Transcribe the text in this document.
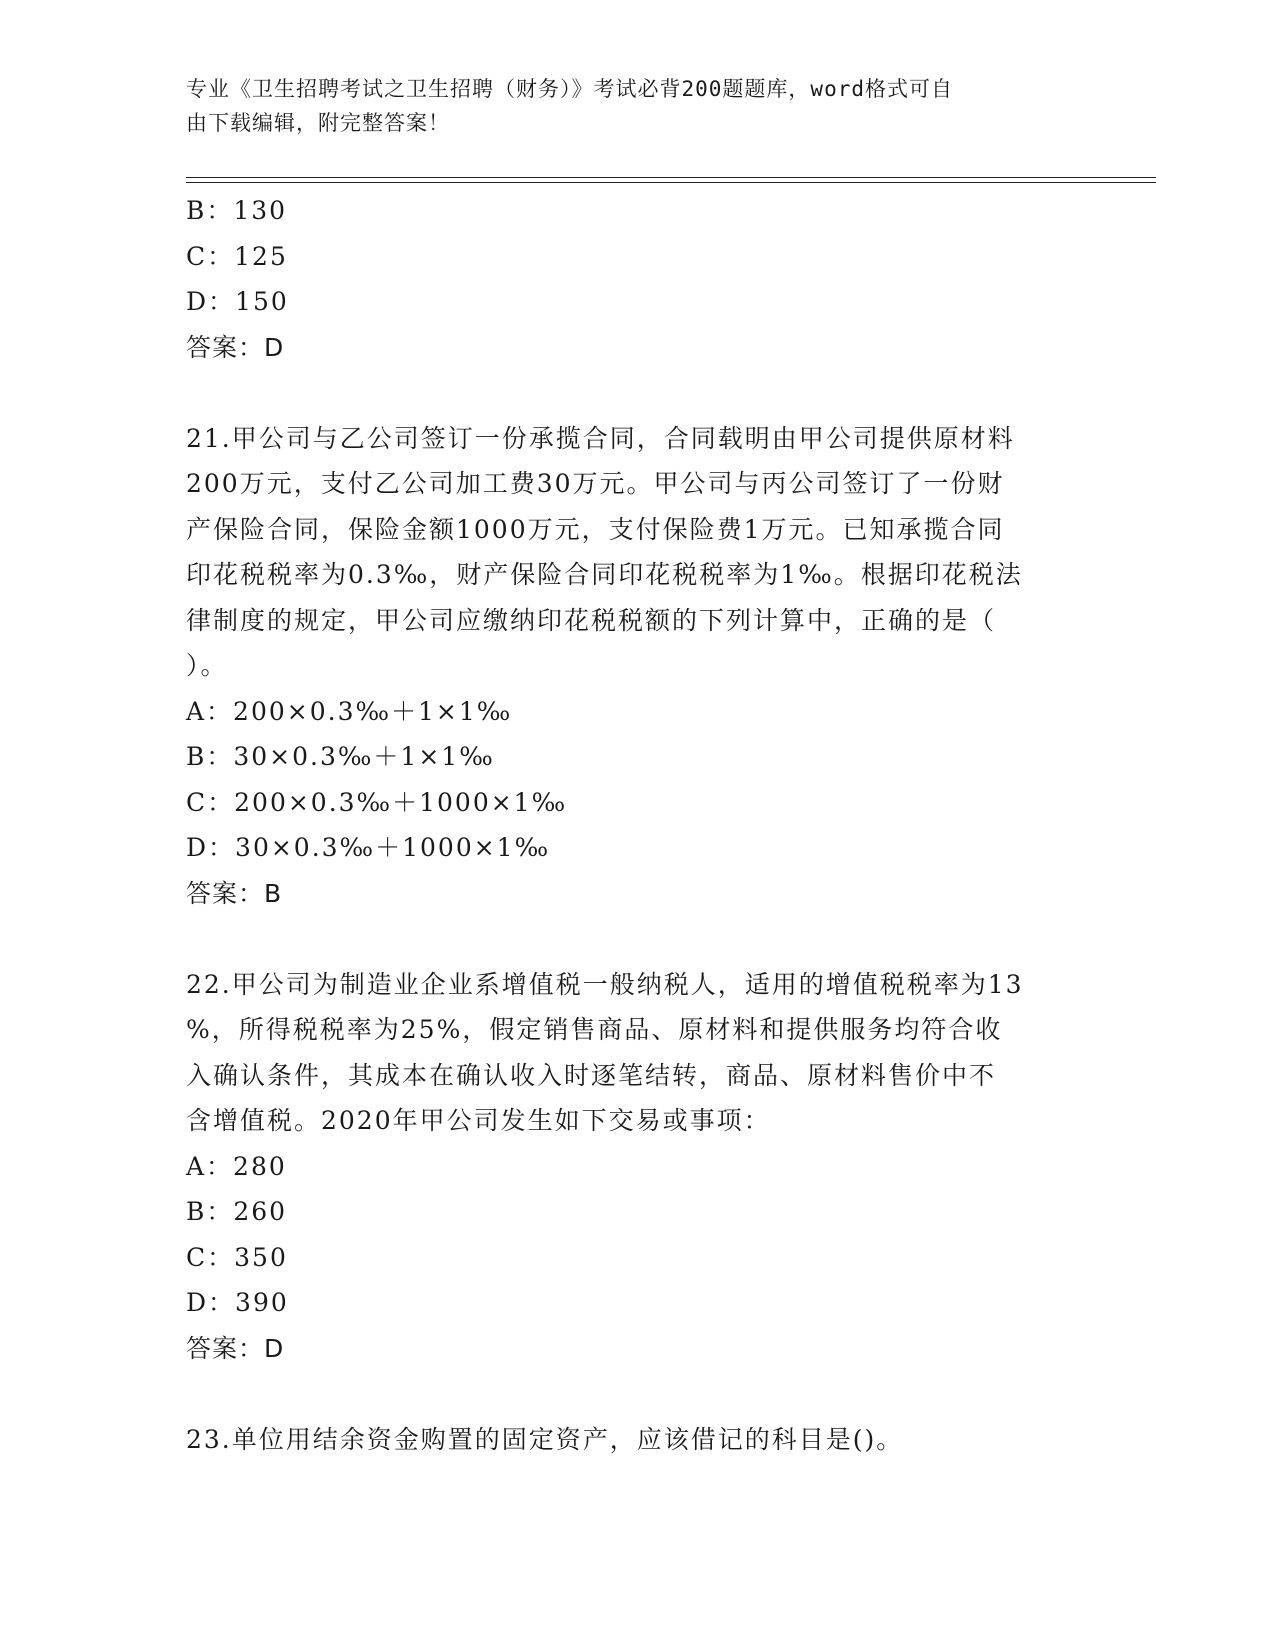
专业《卫生招聘考试之卫生招聘（财务）》考试必背200题题库，word格式可自
由下载编辑，附完整答案！
B：130
C：125
D：150
答案：D
21.甲公司与乙公司签订一份承揽合同，合同载明由甲公司提供原材料
200万元，支付乙公司加工费30万元。甲公司与丙公司签订了一份财
产保险合同，保险金额1000万元，支付保险费1万元。已知承揽合同
印花税税率为0.3‰，财产保险合同印花税税率为1‰。根据印花税法
律制度的规定，甲公司应缴纳印花税税额的下列计算中，正确的是（
）。
A：200×0.3‰＋1×1‰
B：30×0.3‰＋1×1‰
C：200×0.3‰＋1000×1‰
D：30×0.3‰＋1000×1‰
答案：B
22.甲公司为制造业企业系增值税一般纳税人，适用的增值税税率为13
%，所得税税率为25%，假定销售商品、原材料和提供服务均符合收
入确认条件，其成本在确认收入时逐笔结转，商品、原材料售价中不
含增值税。2020年甲公司发生如下交易或事项：
A：280
B：260
C：350
D：390
答案：D
23.单位用结余资金购置的固定资产，应该借记的科目是()。
